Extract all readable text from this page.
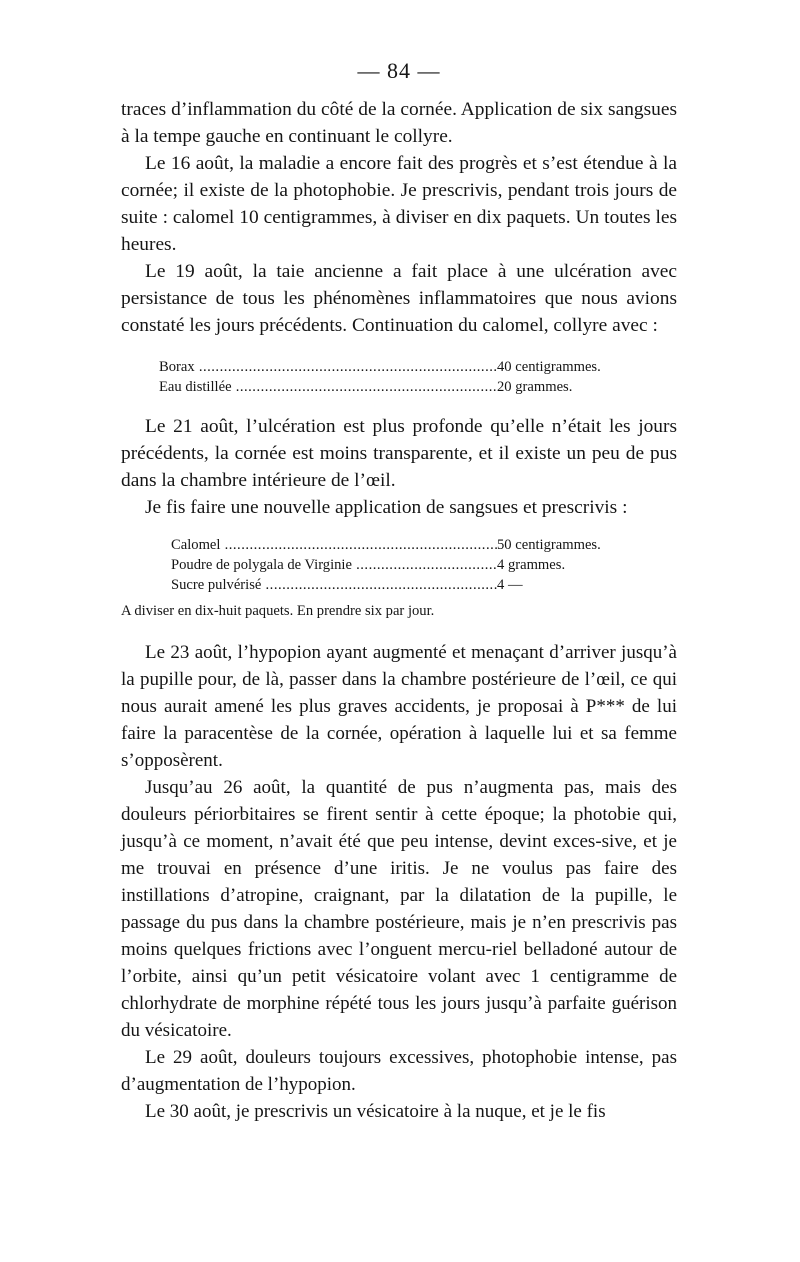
— 84 —

traces d’inflammation du côté de la cornée. Application de six sangsues à la tempe gauche en continuant le collyre.

Le 16 août, la maladie a encore fait des progrès et s’est étendue à la cornée; il existe de la photophobie. Je prescrivis, pendant trois jours de suite : calomel 10 centigrammes, à diviser en dix paquets. Un toutes les heures.

Le 19 août, la taie ancienne a fait place à une ulcération avec persistance de tous les phénomènes inflammatoires que nous avions constaté les jours précédents. Continuation du calomel, collyre avec :

Borax .....	40 centigrammes.
Eau distillée .....	20 grammes.

Le 21 août, l’ulcération est plus profonde qu’elle n’était les jours précédents, la cornée est moins transparente, et il existe un peu de pus dans la chambre intérieure de l’œil.

Je fis faire une nouvelle application de sangsues et prescrivis :

Calomel .....	50 centigrammes.
Poudre de polygala de Virginie .....	4 grammes.
Sucre pulvérisé .....	4 —

A diviser en dix-huit paquets. En prendre six par jour.

Le 23 août, l’hypopion ayant augmenté et menaçant d’arriver jusqu’à la pupille pour, de là, passer dans la chambre postérieure de l’œil, ce qui nous aurait amené les plus graves accidents, je proposai à P*** de lui faire la paracentèse de la cornée, opération à laquelle lui et sa femme s’opposèrent.

Jusqu’au 26 août, la quantité de pus n’augmenta pas, mais des douleurs périorbitaires se firent sentir à cette époque; la photobie qui, jusqu’à ce moment, n’avait été que peu intense, devint exces-sive, et je me trouvai en présence d’une iritis. Je ne voulus pas faire des instillations d’atropine, craignant, par la dilatation de la pupille, le passage du pus dans la chambre postérieure, mais je n’en prescrivis pas moins quelques frictions avec l’onguent mercu-riel belladoné autour de l’orbite, ainsi qu’un petit vésicatoire volant avec 1 centigramme de chlorhydrate de morphine répété tous les jours jusqu’à parfaite guérison du vésicatoire.

Le 29 août, douleurs toujours excessives, photophobie intense, pas d’augmentation de l’hypopion.

Le 30 août, je prescrivis un vésicatoire à la nuque, et je le fis
